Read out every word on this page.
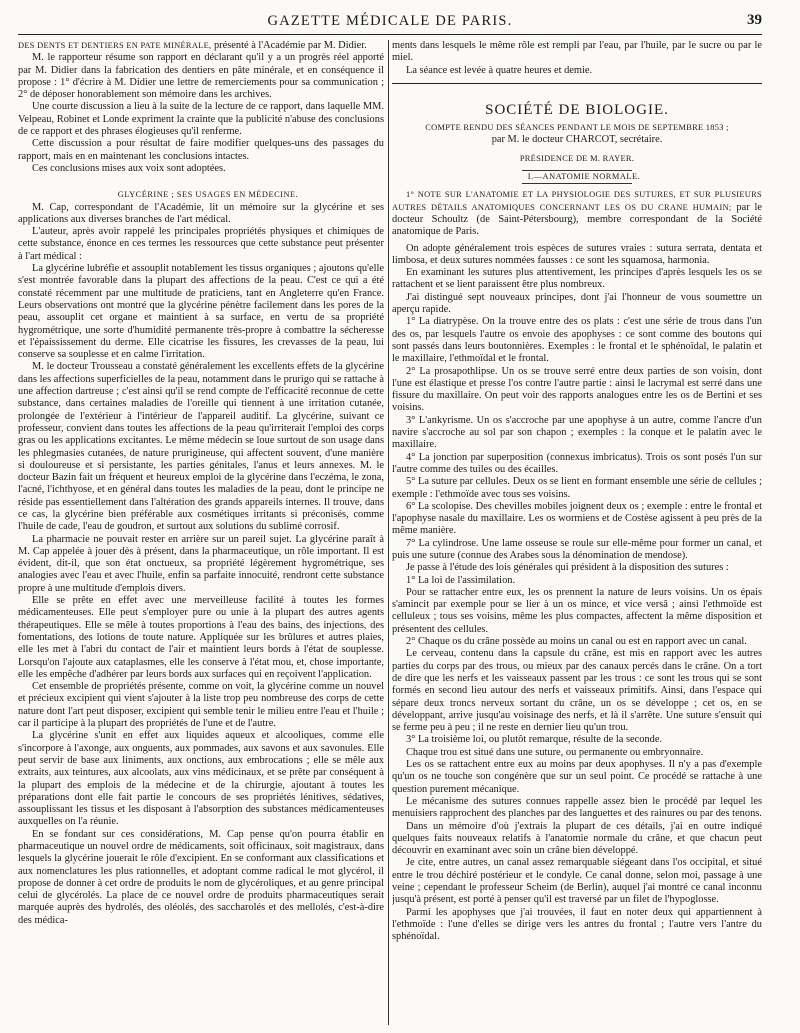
GAZETTE MÉDICALE DE PARIS.	39

DES DENTS ET DENTIERS EN PATE MINÉRALE, présenté à l'Académie par M. Didier.

M. le rapporteur résume son rapport en déclarant qu'il y a un progrès réel apporté par M. Didier dans la fabrication des dentiers en pâte minérale, et en conséquence il propose : 1° d'écrire à M. Didier une lettre de remerciements pour sa communication ; 2° de déposer honorablement son mémoire dans les archives.

Une courte discussion a lieu à la suite de la lecture de ce rapport, dans laquelle MM. Velpeau, Robinet et Londe expriment la crainte que la publicité n'abuse des conclusions de ce rapport et des phrases élogieuses qu'il renferme.

Cette discussion a pour résultat de faire modifier quelques-uns des passages du rapport, mais en en maintenant les conclusions intactes.

Ces conclusions mises aux voix sont adoptées.

GLYCÉRINE ; SES USAGES EN MÉDECINE.

M. Cap, correspondant de l'Académie, lit un mémoire sur la glycérine et ses applications aux diverses branches de l'art médical.

L'auteur, après avoir rappelé les principales propriétés physiques et chimiques de cette substance, énonce en ces termes les ressources que cette substance peut présenter à l'art médical :

La glycérine lubréfie et assouplit notablement les tissus organiques ; ajoutons qu'elle s'est montrée favorable dans la plupart des affections de la peau. C'est ce qui a été constaté récemment par une multitude de praticiens, tant en Angleterre qu'en France. Leurs observations ont montré que la glycérine pénètre facilement dans les pores de la peau, assouplit cet organe et maintient à sa surface, en vertu de sa propriété hygrométrique, une sorte d'humidité permanente très-propre à combattre la sécheresse et l'épaississement du derme. Elle cicatrise les fissures, les crevasses de la peau, lui conserve sa souplesse et en calme l'irritation.

M. le docteur Trousseau a constaté généralement les excellents effets de la glycérine dans les affections superficielles de la peau, notamment dans le prurigo qui se rattache à une affection dartreuse ; c'est ainsi qu'il se rend compte de l'efficacité reconnue de cette substance, dans certaines maladies de l'oreille qui tiennent à une irritation cutanée, prolongée de l'extérieur à l'intérieur de l'appareil auditif. La glycérine, suivant ce professeur, convient dans toutes les affections de la peau qu'irriterait l'emploi des corps gras ou les applications excitantes. Le même médecin se loue surtout de son usage dans les phlegmasies cutanées, de nature prurigineuse, qui affectent souvent, d'une manière si douloureuse et si persistante, les parties génitales, l'anus et leurs annexes. M. le docteur Bazin fait un fréquent et heureux emploi de la glycérine dans l'eczéma, le zona, l'acné, l'ichthyose, et en général dans toutes les maladies de la peau, dont le principe ne réside pas essentiellement dans l'altération des grands appareils internes. Il trouve, dans ce cas, la glycérine bien préférable aux cosmétiques irritants si préconisés, comme l'huile de cade, l'eau de goudron, et surtout aux solutions du sublimé corrosif.

La pharmacie ne pouvait rester en arrière sur un pareil sujet. La glycérine paraît à M. Cap appelée à jouer dès à présent, dans la pharmaceutique, un rôle important. Il est évident, dit-il, que son état onctueux, sa propriété légèrement hygrométrique, ses analogies avec l'eau et avec l'huile, enfin sa parfaite innocuité, rendront cette substance propre à une multitude d'emplois divers.

Elle se prête en effet avec une merveilleuse facilité à toutes les formes médicamenteuses. Elle peut s'employer pure ou unie à la plupart des autres agents thérapeutiques. Elle se mêle à toutes proportions à l'eau des bains, des injections, des fomentations, des lotions de toute nature. Appliquée sur les brûlures et autres plaies, elle les met à l'abri du contact de l'air et maintient leurs bords à l'état de souplesse. Lorsqu'on l'ajoute aux cataplasmes, elle les conserve à l'état mou, et, chose importante, elle les empêche d'adhérer par leurs bords aux surfaces qui en reçoivent l'application.

Cet ensemble de propriétés présente, comme on voit, la glycérine comme un nouvel et précieux excipient qui vient s'ajouter à la liste trop peu nombreuse des corps de cette nature dont l'art peut disposer, excipient qui semble tenir le milieu entre l'eau et l'huile ; car il participe à la plupart des propriétés de l'une et de l'autre.

La glycérine s'unit en effet aux liquides aqueux et alcooliques, comme elle s'incorpore à l'axonge, aux onguents, aux pommades, aux savons et aux savonules. Elle peut servir de base aux liniments, aux onctions, aux embrocations ; elle se mêle aux extraits, aux teintures, aux alcoolats, aux vins médicinaux, et se prête par conséquent à la plupart des emplois de la médecine et de la chirurgie, ajoutant à toutes les préparations dont elle fait partie le concours de ses propriétés lénitives, sédatives, assouplissant les tissus et les disposant à l'absorption des substances médicamenteuses auxquelles on l'a réunie.

En se fondant sur ces considérations, M. Cap pense qu'on pourra établir en pharmaceutique un nouvel ordre de médicaments, soit officinaux, soit magistraux, dans lesquels la glycérine jouerait le rôle d'excipient. En se conformant aux classifications et aux nomenclatures les plus rationnelles, et adoptant comme radical le mot glycérol, il propose de donner à cet ordre de produits le nom de glycéroliques, et au genre principal celui de glycérolés. La place de ce nouvel ordre de produits pharmaceutiques serait marquée auprès des hydrolés, des oléolés, des saccharolés et des mellolés, c'est-à-dire des médica-

ments dans lesquels le même rôle est rempli par l'eau, par l'huile, par le sucre ou par le miel.

La séance est levée à quatre heures et demie.

SOCIÉTÉ DE BIOLOGIE.

COMPTE RENDU DES SÉANCES PENDANT LE MOIS DE SEPTEMBRE 1853 ;

par M. le docteur CHARCOT, secrétaire.

PRÉSIDENCE DE M. RAYER.

I.—ANATOMIE NORMALE.

1° NOTE SUR L'ANATOMIE ET LA PHYSIOLOGIE DES SUTURES, ET SUR PLUSIEURS AUTRES DÉTAILS ANATOMIQUES CONCERNANT LES OS DU CRANE HUMAIN; par le docteur Schoultz (de Saint-Pétersbourg), membre correspondant de la Société anatomique de Paris.

On adopte généralement trois espèces de sutures vraies : sutura serrata, dentata et limbosa, et deux sutures nommées fausses : ce sont les squamosa, harmonia.

En examinant les sutures plus attentivement, les principes d'après lesquels les os se rattachent et se lient paraissent être plus nombreux.

J'ai distingué sept nouveaux principes, dont j'ai l'honneur de vous soumettre un aperçu rapide.

1° La diatrypèse. On la trouve entre des os plats : c'est une série de trous dans l'un des os, par lesquels l'autre os envoie des apophyses : ce sont comme des boutons qui sont passés dans leurs boutonnières. Exemples : le frontal et le sphénoïdal, le palatin et le maxillaire, l'ethmoïdal et le frontal.

2° La prosapothlipse. Un os se trouve serré entre deux parties de son voisin, dont l'une est élastique et presse l'os contre l'autre partie : ainsi le lacrymal est serré dans une fissure du maxillaire. On peut voir des rapports analogues entre les os de Bertini et ses voisins.

3° L'ankyrisme. Un os s'accroche par une apophyse à un autre, comme l'ancre d'un navire s'accroche au sol par son chapon ; exemples : la conque et le palatin avec le maxillaire.

4° La jonction par superposition (connexus imbricatus). Trois os sont posés l'un sur l'autre comme des tuiles ou des écailles.

5° La suture par cellules. Deux os se lient en formant ensemble une série de cellules ; exemple : l'ethmoïde avec tous ses voisins.

6° La scolopise. Des chevilles mobiles joignent deux os ; exemple : entre le frontal et l'apophyse nasale du maxillaire. Les os wormiens et de Costèse agissent à peu près de la même manière.

7° La cylindrose. Une lame osseuse se roule sur elle-même pour former un canal, et puis une suture (connue des Arabes sous la dénomination de mendose).

Je passe à l'étude des lois générales qui président à la disposition des sutures :

1° La loi de l'assimilation.

Pour se rattacher entre eux, les os prennent la nature de leurs voisins. Un os épais s'amincit par exemple pour se lier à un os mince, et vice versâ ; ainsi l'ethmoïde est celluleux ; tous ses voisins, même les plus compactes, affectent la même disposition et présentent des cellules.

2° Chaque os du crâne possède au moins un canal ou est en rapport avec un canal.

Le cerveau, contenu dans la capsule du crâne, est mis en rapport avec les autres parties du corps par des trous, ou mieux par des canaux percés dans le crâne. On a tort de dire que les nerfs et les vaisseaux passent par les trous : ce sont les trous qui se sont formés en second lieu autour des nerfs et vaisseaux primitifs. Ainsi, dans l'espace qui sépare deux troncs nerveux sortant du crâne, un os se développe ; cet os, en se développant, arrive jusqu'au voisinage des nerfs, et là il s'arrête. Une suture s'ensuit qui se ferme peu à peu ; il ne reste en dernier lieu qu'un trou.

3° La troisième loi, ou plutôt remarque, résulte de la seconde.

Chaque trou est situé dans une suture, ou permanente ou embryonnaire.

Les os se rattachent entre eux au moins par deux apophyses. Il n'y a pas d'exemple qu'un os ne touche son congénère que sur un seul point. Ce procédé se rattache à une question purement mécanique.

Le mécanisme des sutures connues rappelle assez bien le procédé par lequel les menuisiers rapprochent des planches par des languettes et des rainures ou par des tenons.

Dans un mémoire d'où j'extrais la plupart de ces détails, j'ai en outre indiqué quelques faits nouveaux relatifs à l'anatomie normale du crâne, et que chacun peut découvrir en examinant avec soin un crâne bien développé.

Je cite, entre autres, un canal assez remarquable siégeant dans l'os occipital, et situé entre le trou déchiré postérieur et le condyle. Ce canal donne, selon moi, passage à une veine ; cependant le professeur Scheim (de Berlin), auquel j'ai montré ce canal inconnu jusqu'à présent, est porté à penser qu'il est traversé par un filet de l'hypoglosse.

Parmi les apophyses que j'ai trouvées, il faut en noter deux qui appartiennent à l'ethmoïde : l'une d'elles se dirige vers les antres du frontal ; l'autre vers l'antre du sphénoïdal.
